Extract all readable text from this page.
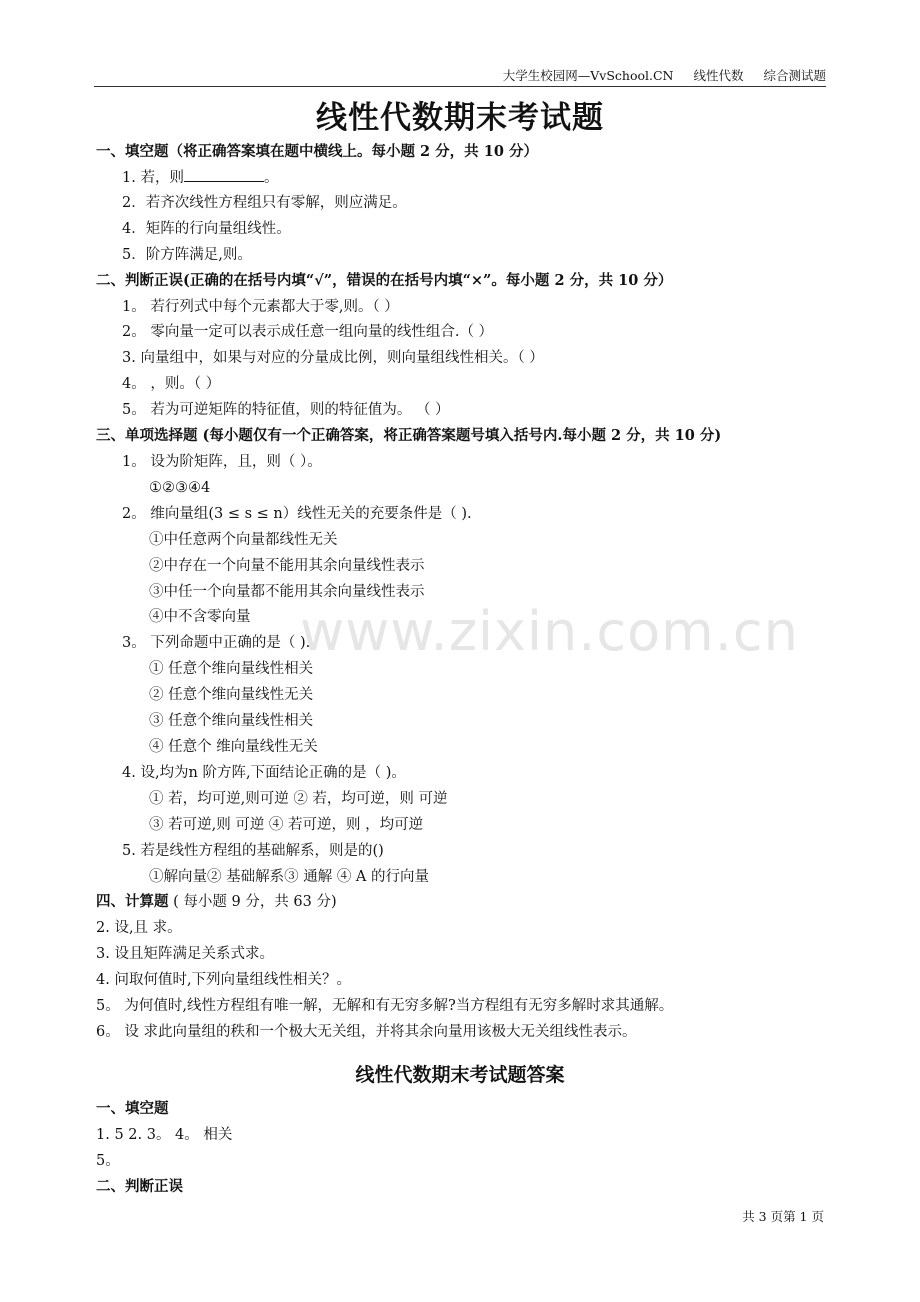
www.zixin.com.cn
大学生校园网—VvSchool.CN 线性代数 综合测试题
线性代数期末考试题
一、填空题（将正确答案填在题中横线上。每小题 2 分，共 10 分）
1. 若，则	。
2．若齐次线性方程组只有零解，则应满足。
4．矩阵的行向量组线性。
5．阶方阵满足,则。
二、判断正误(正确的在括号内填“√”，错误的在括号内填“×”。每小题 2 分，共 10 分）
1。 若行列式中每个元素都大于零,则。（ ）
2。 零向量一定可以表示成任意一组向量的线性组合.（ ）
3. 向量组中，如果与对应的分量成比例，则向量组线性相关。（ ）
4。 ，则。（ ）
5。 若为可逆矩阵的特征值，则的特征值为。 （ ）
三、单项选择题 (每小题仅有一个正确答案，将正确答案题号填入括号内.每小题 2 分，共 10 分)
1。 设为阶矩阵，且，则（ ）。
①②③④4
2。 维向量组(3 ≤ s ≤ n）线性无关的充要条件是（ ).
①中任意两个向量都线性无关
②中存在一个向量不能用其余向量线性表示
③中任一个向量都不能用其余向量线性表示
④中不含零向量
3。 下列命题中正确的是（ ).
① 任意个维向量线性相关
② 任意个维向量线性无关
③ 任意个维向量线性相关
④ 任意个 维向量线性无关
4. 设,均为n 阶方阵,下面结论正确的是（ )。
① 若，均可逆,则可逆 ② 若，均可逆，则 可逆
③ 若可逆,则 可逆 ④ 若可逆，则 ，均可逆
5. 若是线性方程组的基础解系，则是的()
①解向量② 基础解系③ 通解 ④ A 的行向量
四、计算题 ( 每小题 9 分，共 63 分)
2. 设,且 求。
3. 设且矩阵满足关系式求。
4. 问取何值时,下列向量组线性相关？。
5。 为何值时,线性方程组有唯一解，无解和有无穷多解?当方程组有无穷多解时求其通解。
6。 设 求此向量组的秩和一个极大无关组，并将其余向量用该极大无关组线性表示。
线性代数期末考试题答案
一、填空题
1. 5 2. 3。 4。 相关
5。
二、判断正误
共 3 页第 1 页
